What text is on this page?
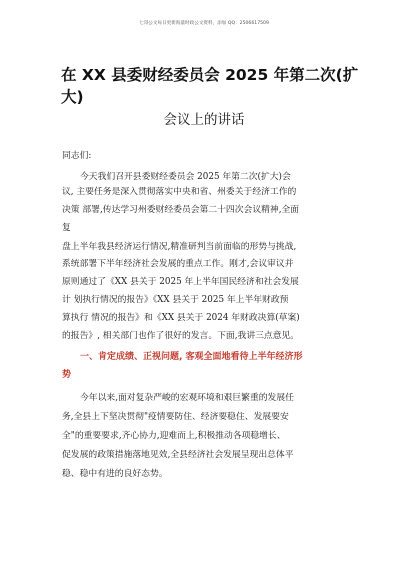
七哥公文每日更新海量时政公文资料，添加 QQ：2506617509
在 XX 县委财经委员会 2025 年第二次(扩大)
会议上的讲话
同志们:
今天我们召开县委财经委员会 2025 年第二次(扩大)会
议, 主要任务是深入贯彻落实中央和省、州委关于经济工作的
决策 部署,传达学习州委财经委员会第二十四次会议精神,全面
复
盘上半年我县经济运行情况,精准研判当前面临的形势与挑战,
系统部署下半年经济社会发展的重点工作。刚才,会议审议并
原则通过了《XX 县关于 2025 年上半年国民经济和社会发展
计 划执行情况的报告》《XX 县关于 2025 年上半年财政预
算执行 情况的报告》和《XX 县关于 2024 年财政决算(草案)
的报告》, 相关部门也作了很好的发言。下面,我讲三点意见。
一、肯定成绩、正视问题, 客观全面地看待上半年经济形
势
今年以来,面对复杂严峻的宏观环境和艰巨繁重的发展任
务,全县上下坚决贯彻"疫情要防住、经济要稳住、发展要安
全"的重要要求,齐心协力,迎难而上,积极推动各项稳增长、
促发展的政策措施落地见效,全县经济社会发展呈现出总体平
稳、稳中有进的良好态势。
